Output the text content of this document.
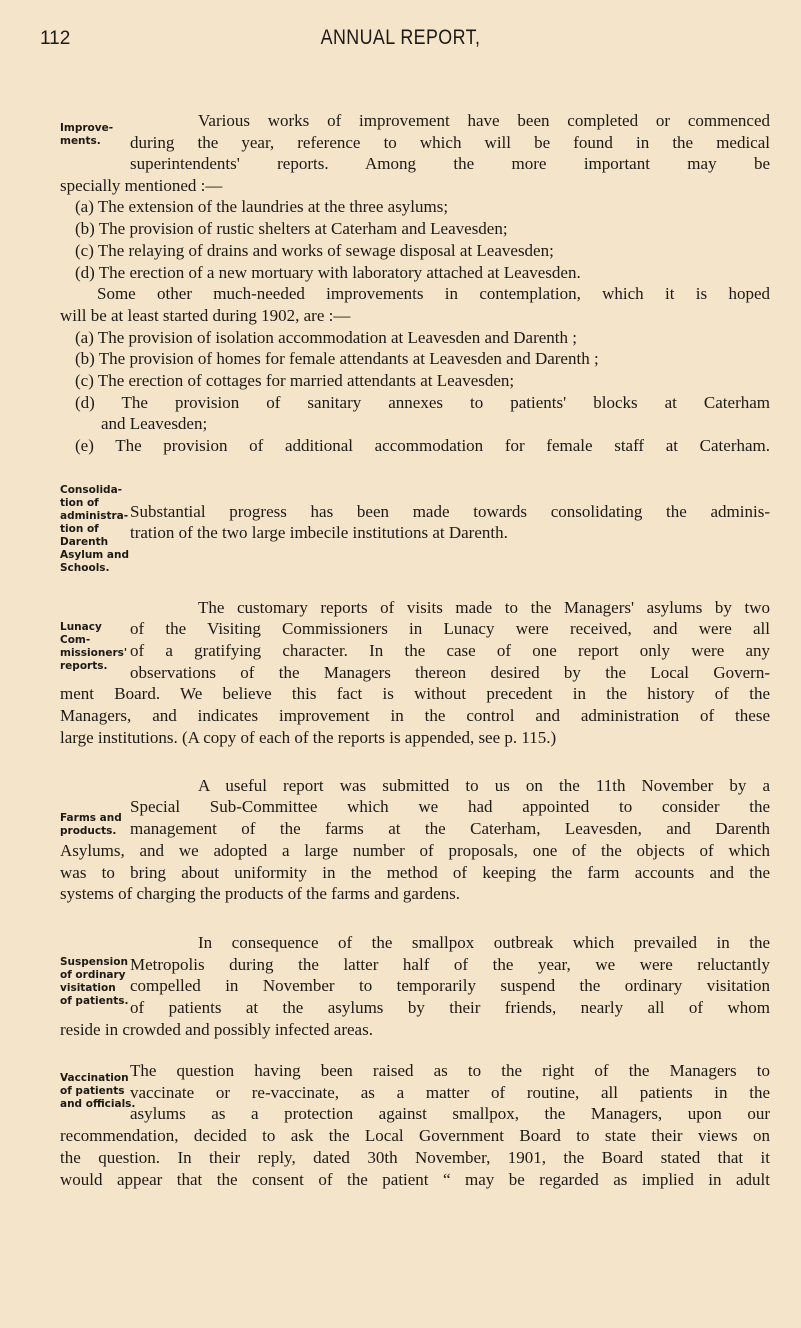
112	ANNUAL REPORT,
Various works of improvement have been completed or commenced
during the year, reference to which will be found in the medical
superintendents' reports. Among the more important may be
specially mentioned :—
(a) The extension of the laundries at the three asylums;
(b) The provision of rustic shelters at Caterham and Leavesden;
(c) The relaying of drains and works of sewage disposal at Leavesden;
(d) The erection of a new mortuary with laboratory attached at Leavesden.
Some other much-needed improvements in contemplation, which it is hoped
will be at least started during 1902, are :—
(a) The provision of isolation accommodation at Leavesden and Darenth ;
(b) The provision of homes for female attendants at Leavesden and Darenth ;
(c) The erection of cottages for married attendants at Leavesden;
(d) The provision of sanitary annexes to patients' blocks at Caterham
and Leavesden;
(e) The provision of additional accommodation for female staff at Caterham.
Substantial progress has been made towards consolidating the adminis-
tration of the two large imbecile institutions at Darenth.
The customary reports of visits made to the Managers' asylums by two
of the Visiting Commissioners in Lunacy were received, and were all
of a gratifying character. In the case of one report only were any
observations of the Managers thereon desired by the Local Govern-
ment Board. We believe this fact is without precedent in the history of the
Managers, and indicates improvement in the control and administration of these
large institutions. (A copy of each of the reports is appended, see p. 115.)
A useful report was submitted to us on the 11th November by a
Special Sub-Committee which we had appointed to consider the
management of the farms at the Caterham, Leavesden, and Darenth
Asylums, and we adopted a large number of proposals, one of the objects of which
was to bring about uniformity in the method of keeping the farm accounts and the
systems of charging the products of the farms and gardens.
In consequence of the smallpox outbreak which prevailed in the
Metropolis during the latter half of the year, we were reluctantly
compelled in November to temporarily suspend the ordinary visitation
of patients at the asylums by their friends, nearly all of whom
reside in crowded and possibly infected areas.
The question having been raised as to the right of the Managers to
vaccinate or re-vaccinate, as a matter of routine, all patients in the
asylums as a protection against smallpox, the Managers, upon our
recommendation, decided to ask the Local Government Board to state their views on
the question. In their reply, dated 30th November, 1901, the Board stated that it
would appear that the consent of the patient “ may be regarded as implied in adult
Improve-
ments.
Consolida-
tion of
administra-
tion of
Darenth
Asylum and
Schools.
Lunacy
Com-
missioners'
reports.
Farms and
products.
Suspension
of ordinary
visitation
of patients.
Vaccination
of patients
and officials.
